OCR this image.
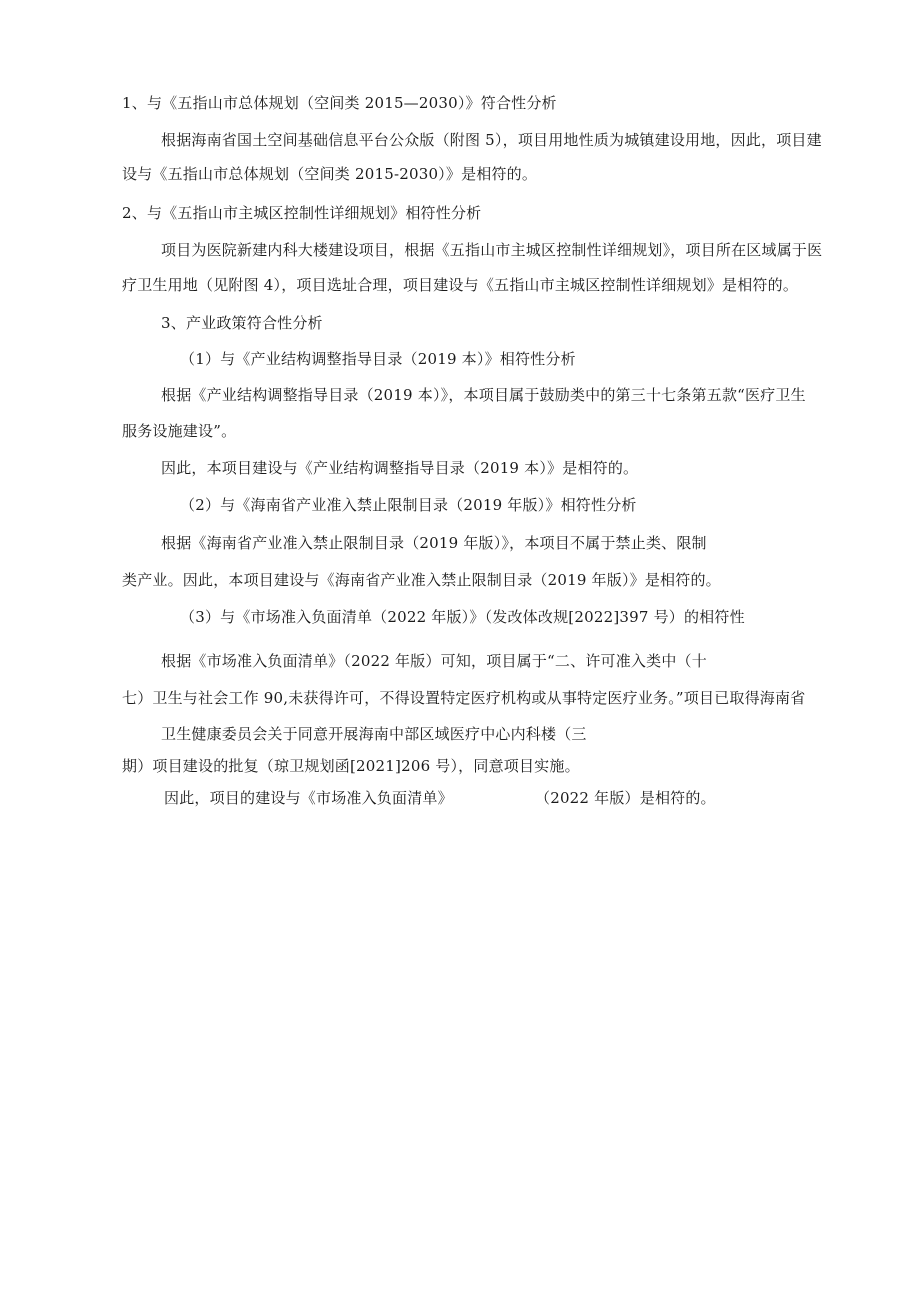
1、与《五指山市总体规划（空间类 2015—2030）》符合性分析
根据海南省国土空间基础信息平台公众版（附图 5），项目用地性质为城镇建设用地，因此，项目建
设与《五指山市总体规划（空间类 2015-2030）》是相符的。
2、与《五指山市主城区控制性详细规划》相符性分析
项目为医院新建内科大楼建设项目，根据《五指山市主城区控制性详细规划》，项目所在区域属于医
疗卫生用地（见附图 4），项目选址合理，项目建设与《五指山市主城区控制性详细规划》是相符的。
3、产业政策符合性分析
（1）与《产业结构调整指导目录（2019 本）》相符性分析
根据《产业结构调整指导目录（2019 本）》，本项目属于鼓励类中的第三十七条第五款“医疗卫生
服务设施建设”。
因此，本项目建设与《产业结构调整指导目录（2019 本）》是相符的。
（2）与《海南省产业准入禁止限制目录（2019 年版）》相符性分析
根据《海南省产业准入禁止限制目录（2019 年版）》，本项目不属于禁止类、限制
类产业。因此，本项目建设与《海南省产业准入禁止限制目录（2019 年版）》是相符的。
（3）与《市场准入负面清单（2022 年版）》（发改体改规[2022]397 号）的相符性
根据《市场准入负面清单》（2022 年版）可知，项目属于“二、许可准入类中（十
七）卫生与社会工作 90,未获得许可，不得设置特定医疗机构或从事特定医疗业务。”项目已取得海南省
卫生健康委员会关于同意开展海南中部区域医疗中心内科楼（三
期）项目建设的批复（琼卫规划函[2021]206 号），同意项目实施。
因此，项目的建设与《市场准入负面清单》	（2022 年版）是相符的。
